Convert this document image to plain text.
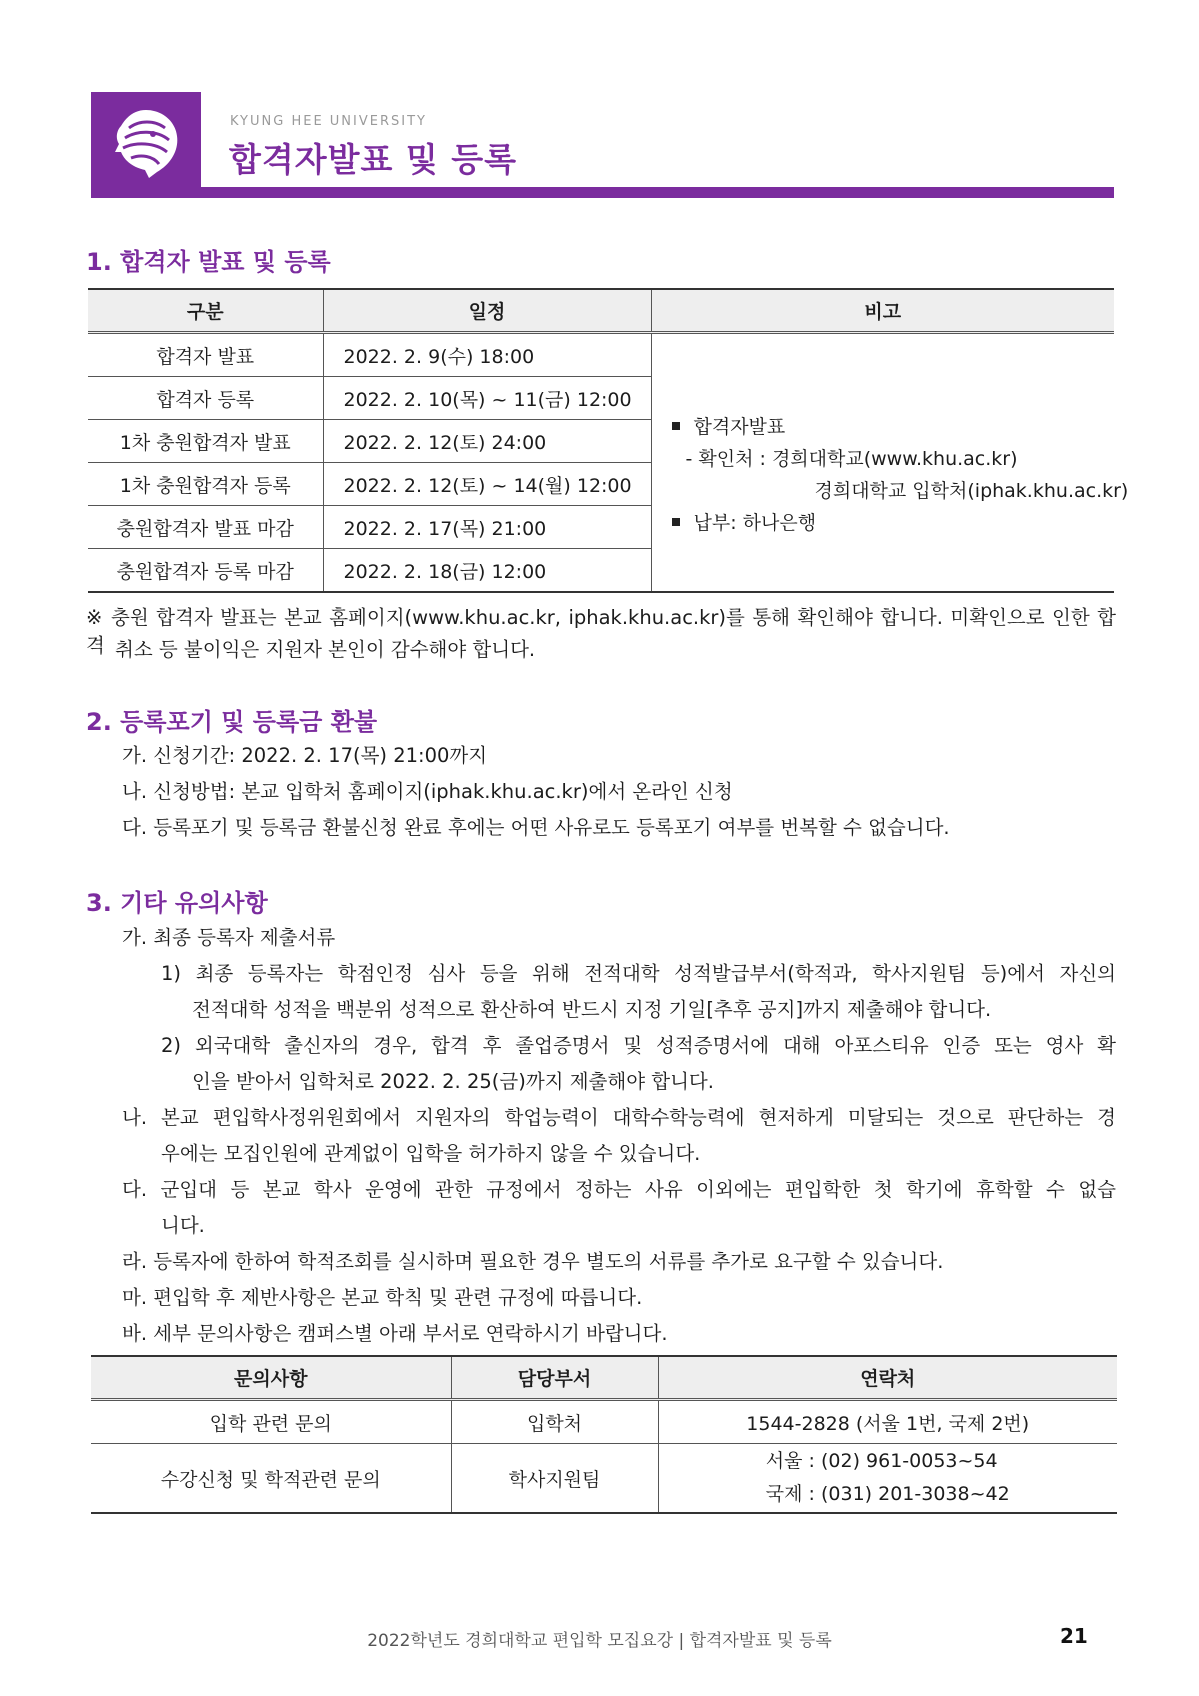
KYUNG HEE UNIVERSITY
합격자발표 및 등록
1. 합격자 발표 및 등록
구분	일정	비고
합격자 발표	2022. 2. 9(수) 18:00	합격자발표
- 확인처 : 경희대학교(www.khu.ac.kr)
경희대학교 입학처(iphak.khu.ac.kr)
납부: 하나은행

합격자 등록	2022. 2. 10(목) ~ 11(금) 12:00	
1차 충원합격자 발표	2022. 2. 12(토) 24:00	
1차 충원합격자 등록	2022. 2. 12(토) ~ 14(월) 12:00	
충원합격자 발표 마감	2022. 2. 17(목) 21:00	
충원합격자 등록 마감	2022. 2. 18(금) 12:00	
※ 충원 합격자 발표는 본교 홈페이지(www.khu.ac.kr, iphak.khu.ac.kr)를 통해 확인해야 합니다. 미확인으로 인한 합격 취소 등 불이익은 지원자 본인이 감수해야 합니다.
2. 등록포기 및 등록금 환불
가. 신청기간: 2022. 2. 17(목) 21:00까지
나. 신청방법: 본교 입학처 홈페이지(iphak.khu.ac.kr)에서 온라인 신청
다. 등록포기 및 등록금 환불신청 완료 후에는 어떤 사유로도 등록포기 여부를 번복할 수 없습니다.
3. 기타 유의사항
가. 최종 등록자 제출서류
1) 최종 등록자는 학점인정 심사 등을 위해 전적대학 성적발급부서(학적과, 학사지원팀 등)에서 자신의
전적대학 성적을 백분위 성적으로 환산하여 반드시 지정 기일[추후 공지]까지 제출해야 합니다.
2) 외국대학 출신자의 경우, 합격 후 졸업증명서 및 성적증명서에 대해 아포스티유 인증 또는 영사 확
인을 받아서 입학처로 2022. 2. 25(금)까지 제출해야 합니다.
나. 본교 편입학사정위원회에서 지원자의 학업능력이 대학수학능력에 현저하게 미달되는 것으로 판단하는 경
우에는 모집인원에 관계없이 입학을 허가하지 않을 수 있습니다.
다. 군입대 등 본교 학사 운영에 관한 규정에서 정하는 사유 이외에는 편입학한 첫 학기에 휴학할 수 없습
니다.
라. 등록자에 한하여 학적조회를 실시하며 필요한 경우 별도의 서류를 추가로 요구할 수 있습니다.
마. 편입학 후 제반사항은 본교 학칙 및 관련 규정에 따릅니다.
바. 세부 문의사항은 캠퍼스별 아래 부서로 연락하시기 바랍니다.
문의사항	담당부서	연락처
입학 관련 문의	입학처	1544-2828 (서울 1번, 국제 2번)
수강신청 및 학적관련 문의	학사지원팀	서울 : (02) 961-0053~54
국제 : (031) 201-3038~42
2022학년도 경희대학교 편입학 모집요강 | 합격자발표 및 등록	21
